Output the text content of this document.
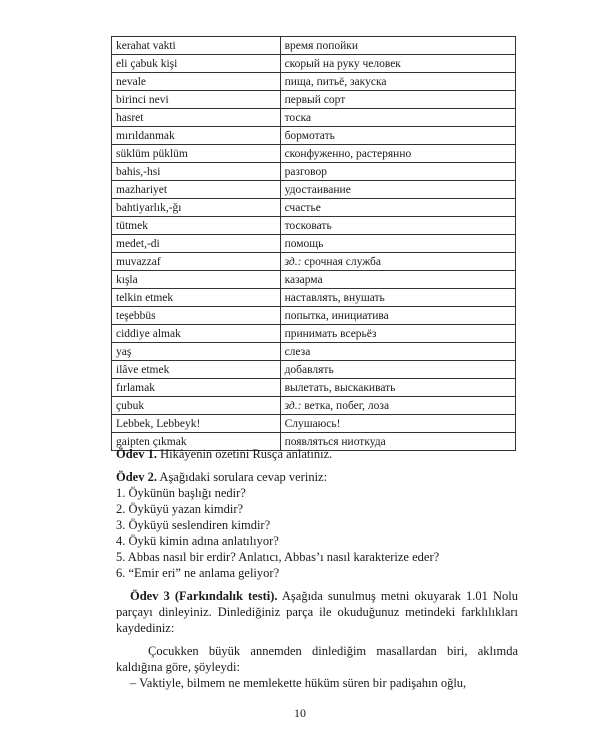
kerahat vakti	время попойки
eli çabuk kişi	скорый на руку человек
nevale	пища, питьё, закуска
birinci nevi	первый сорт
hasret	тоска
mırıldanmak	бормотать
süklüm püklüm	сконфуженно, растерянно
bahis,-hsi	разговор
mazhariyet	удостаивание
bahtiyarlık,-ğı	счастье
tütmek	тосковать
medet,-di	помощь
muvazzaf	зд.: срочная служба
kışla	казарма
telkin etmek	наставлять, внушать
teşebbüs	попытка, инициатива
ciddiye almak	принимать всерьёз
yaş	слеза
ilâve etmek	добавлять
fırlamak	вылетать, выскакивать
çubuk	зд.: ветка, побег, лоза
Lebbek, Lebbeyk!	Слушаюсь!
gaipten çıkmak	появляться ниоткуда

Ödev 1. Hikâyenin özetini Rusça anlatınız.

Ödev 2. Aşağıdaki sorulara cevap veriniz:

1. Öykünün başlığı nedir?

2. Öyküyü yazan kimdir?

3. Öyküyü seslendiren kimdir?

4. Öykü kimin adına anlatılıyor?

5. Abbas nasıl bir erdir? Anlatıcı, Abbas’ı nasıl karakterize eder?

6. “Emir eri” ne anlama geliyor?

Ödev 3 (Farkındalık testi). Aşağıda sunulmuş metni okuyarak 1.01 Nolu parçayı dinleyiniz. Dinlediğiniz parça ile okuduğunuz metindeki farklılıkları kaydediniz:

Çocukken büyük annemden dinlediğim masallardan biri, aklımda kaldığına göre, şöyleydi:

– Vaktiyle, bilmem ne memlekette hüküm süren bir padişahın oğlu,

10
